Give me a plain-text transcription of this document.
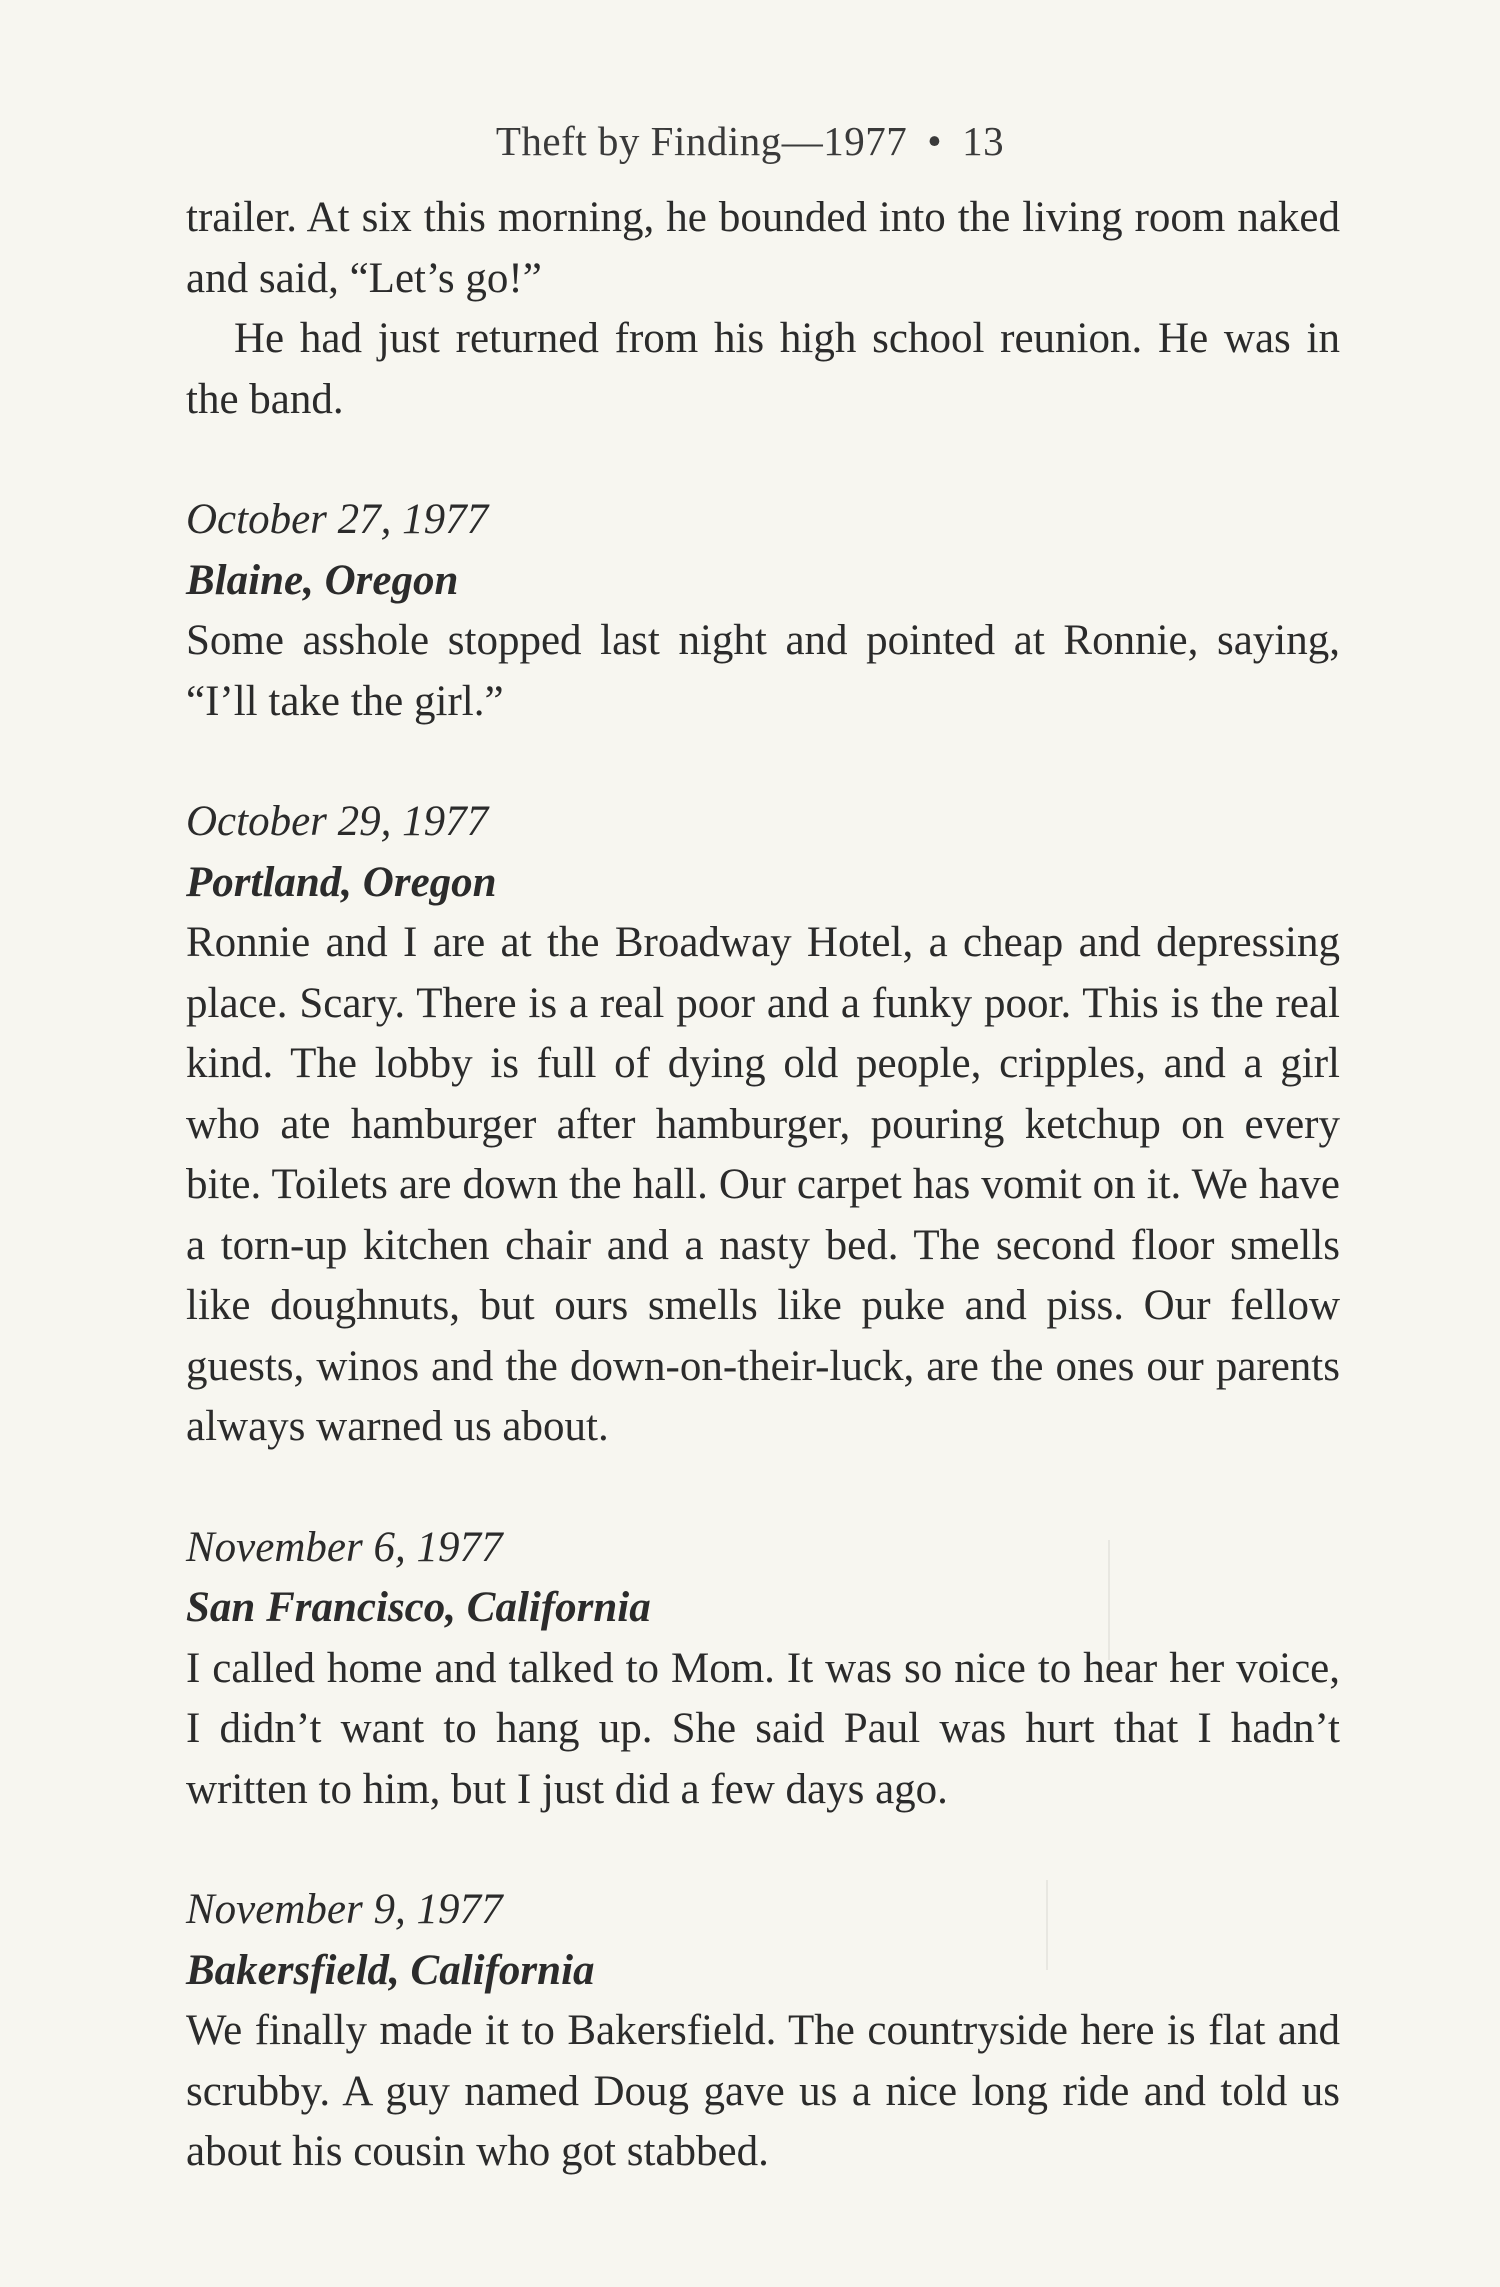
Theft by Finding—1977 • 13

trailer. At six this morning, he bounded into the living room naked and said, “Let’s go!”

He had just returned from his high school reunion. He was in the band.

October 27, 1977

Blaine, Oregon

Some asshole stopped last night and pointed at Ronnie, saying, “I’ll take the girl.”

October 29, 1977

Portland, Oregon

Ronnie and I are at the Broadway Hotel, a cheap and depressing place. Scary. There is a real poor and a funky poor. This is the real kind. The lobby is full of dying old people, cripples, and a girl who ate hamburger after hamburger, pouring ketchup on every bite. Toilets are down the hall. Our carpet has vomit on it. We have a torn-up kitchen chair and a nasty bed. The second floor smells like doughnuts, but ours smells like puke and piss. Our fellow guests, winos and the down-on-their-luck, are the ones our parents always warned us about.

November 6, 1977

San Francisco, California

I called home and talked to Mom. It was so nice to hear her voice, I didn’t want to hang up. She said Paul was hurt that I hadn’t written to him, but I just did a few days ago.

November 9, 1977

Bakersfield, California

We finally made it to Bakersfield. The countryside here is flat and scrubby. A guy named Doug gave us a nice long ride and told us about his cousin who got stabbed.
